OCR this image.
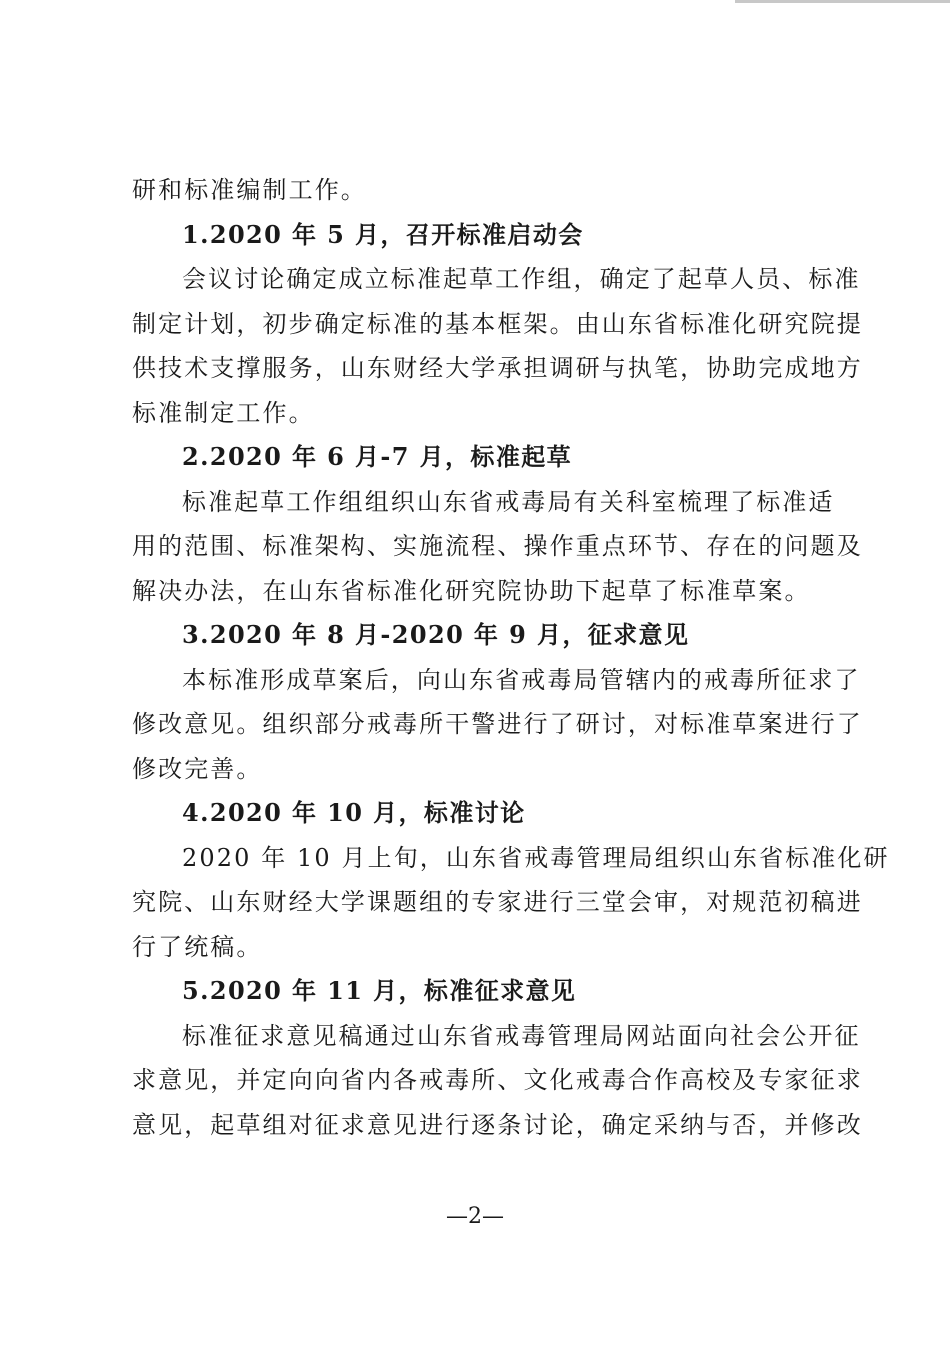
研和标准编制工作。
1.2020 年 5 月，召开标准启动会
会议讨论确定成立标准起草工作组，确定了起草人员、标准
制定计划，初步确定标准的基本框架。由山东省标准化研究院提
供技术支撑服务，山东财经大学承担调研与执笔，协助完成地方
标准制定工作。
2.2020 年 6 月-7 月，标准起草
标准起草工作组组织山东省戒毒局有关科室梳理了标准适
用的范围、标准架构、实施流程、操作重点环节、存在的问题及
解决办法，在山东省标准化研究院协助下起草了标准草案。
3.2020 年 8 月-2020 年 9 月，征求意见
本标准形成草案后，向山东省戒毒局管辖内的戒毒所征求了
修改意见。组织部分戒毒所干警进行了研讨，对标准草案进行了
修改完善。
4.2020 年 10 月，标准讨论
2020 年 10 月上旬，山东省戒毒管理局组织山东省标准化研
究院、山东财经大学课题组的专家进行三堂会审，对规范初稿进
行了统稿。
5.2020 年 11 月，标准征求意见
标准征求意见稿通过山东省戒毒管理局网站面向社会公开征
求意见，并定向向省内各戒毒所、文化戒毒合作高校及专家征求
意见，起草组对征求意见进行逐条讨论，确定采纳与否，并修改
—2—
